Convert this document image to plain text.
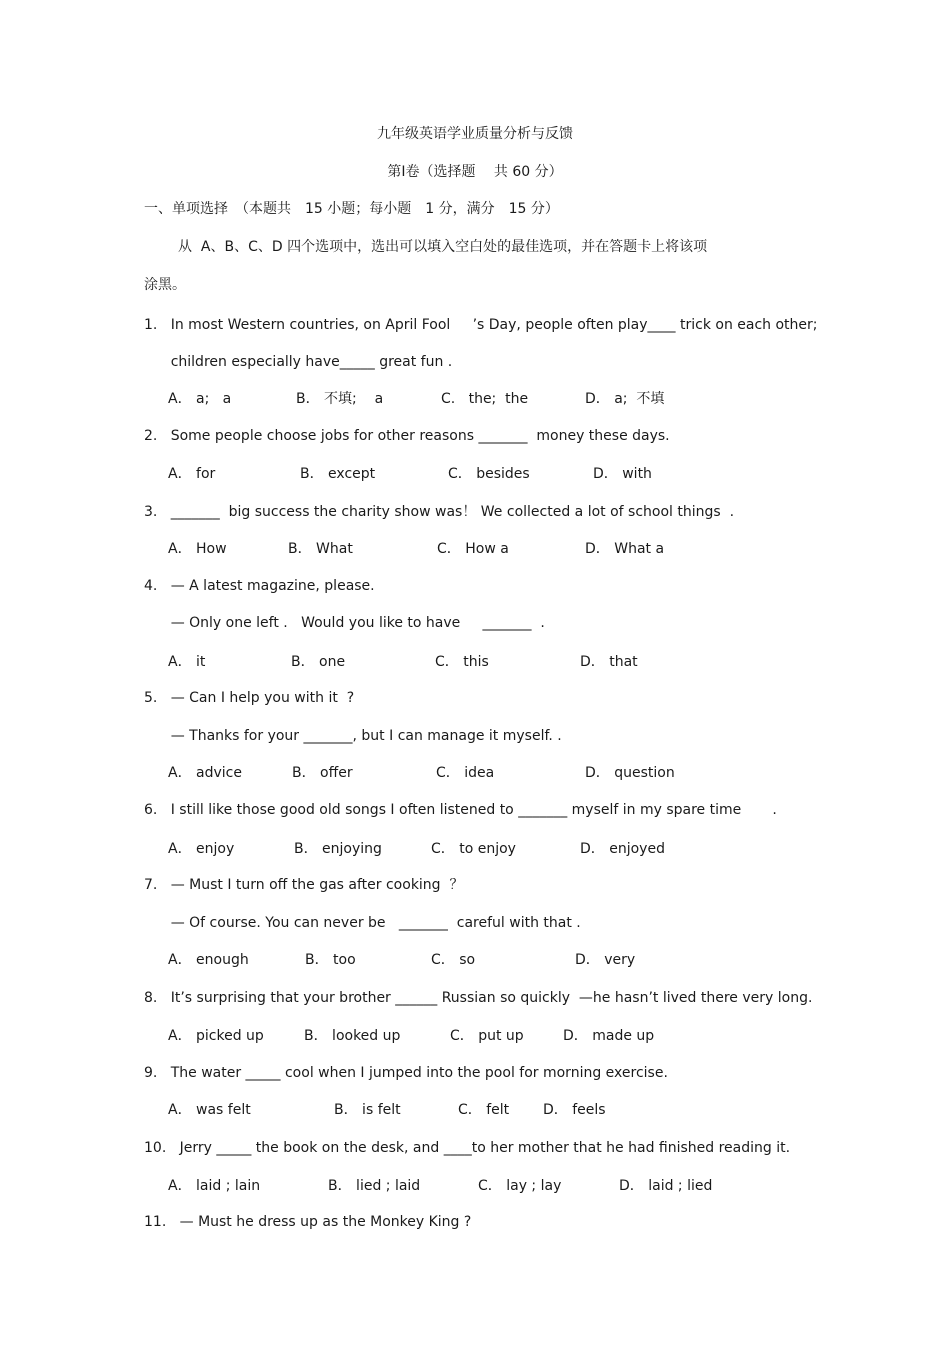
九年级英语学业质量分析与反馈
第Ⅰ卷（选择题　 共 60 分）
一、单项选择　（本题共　15 小题；每小题　1 分，满分　15 分）
从  A、B、C、D 四个选项中，选出可以填入空白处的最佳选项，并在答题卡上将该项
涂黑。
1.   In most Western countries, on April Fool     ’s Day, people often play____ trick on each other;
children especially have_____ great fun .
A． a;   a	B． 不填;    a	C.   the;  the	D． a;  不填
2.   Some people choose jobs for other reasons _______  money these days.
A． for	B． except	C． besides	D． with
3.   _______  big success the charity show was！ We collected a lot of school things  .
A． How	B． What	C． How a	D． What a
4.   — A latest magazine, please.
— Only one left .   Would you like to have     _______  .
A． it	B． one	C． this	D． that
5.   — Can I help you with it  ?
— Thanks for your _______, but I can manage it myself. .
A． advice	B． offer	C． idea	D． question
6.   I still like those good old songs I often listened to _______ myself in my spare time       .
A． enjoy	B． enjoying	C． to enjoy	D． enjoyed
7.   — Must I turn off the gas after cooking  ？
— Of course. You can never be   _______  careful with that .
A． enough	B． too	C． so	D． very
8.   It’s surprising that your brother ______ Russian so quickly  —he hasn’t lived there very long.
A． picked up	B． looked up	C． put up	D． made up
9.   The water _____ cool when I jumped into the pool for morning exercise.
A． was felt	B． is felt	C． felt D． feels
10.   Jerry _____ the book on the desk, and ____to her mother that he had finished reading it.
A． laid ; lain	B． lied ; laid	C． lay ; lay	D． laid ; lied
11.   — Must he dress up as the Monkey King ?
